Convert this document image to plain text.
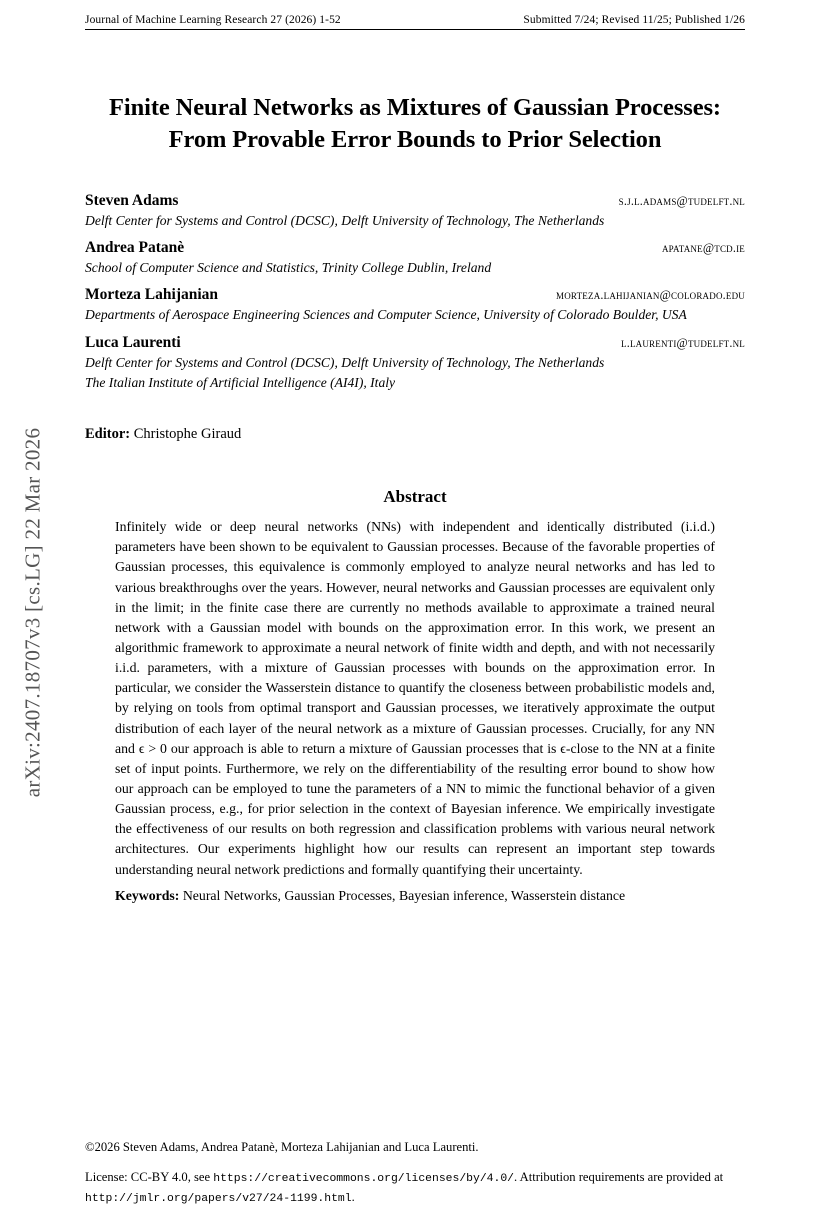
arXiv:2407.18707v3 [cs.LG] 22 Mar 2026
Journal of Machine Learning Research 27 (2026) 1-52	Submitted 7/24; Revised 11/25; Published 1/26
Finite Neural Networks as Mixtures of Gaussian Processes: From Provable Error Bounds to Prior Selection
Steven Adams	s.j.l.adams@tudelft.nl
Delft Center for Systems and Control (DCSC), Delft University of Technology, The Netherlands
Andrea Patanè	apatane@tcd.ie
School of Computer Science and Statistics, Trinity College Dublin, Ireland
Morteza Lahijanian	morteza.lahijanian@colorado.edu
Departments of Aerospace Engineering Sciences and Computer Science, University of Colorado Boulder, USA
Luca Laurenti	l.laurenti@tudelft.nl
Delft Center for Systems and Control (DCSC), Delft University of Technology, The Netherlands
The Italian Institute of Artificial Intelligence (AI4I), Italy
Editor: Christophe Giraud
Abstract
Infinitely wide or deep neural networks (NNs) with independent and identically distributed (i.i.d.) parameters have been shown to be equivalent to Gaussian processes. Because of the favorable properties of Gaussian processes, this equivalence is commonly employed to analyze neural networks and has led to various breakthroughs over the years. However, neural networks and Gaussian processes are equivalent only in the limit; in the finite case there are currently no methods available to approximate a trained neural network with a Gaussian model with bounds on the approximation error. In this work, we present an algorithmic framework to approximate a neural network of finite width and depth, and with not necessarily i.i.d. parameters, with a mixture of Gaussian processes with bounds on the approximation error. In particular, we consider the Wasserstein distance to quantify the closeness between probabilistic models and, by relying on tools from optimal transport and Gaussian processes, we iteratively approximate the output distribution of each layer of the neural network as a mixture of Gaussian processes. Crucially, for any NN and ϵ > 0 our approach is able to return a mixture of Gaussian processes that is ϵ-close to the NN at a finite set of input points. Furthermore, we rely on the differentiability of the resulting error bound to show how our approach can be employed to tune the parameters of a NN to mimic the functional behavior of a given Gaussian process, e.g., for prior selection in the context of Bayesian inference. We empirically investigate the effectiveness of our results on both regression and classification problems with various neural network architectures. Our experiments highlight how our results can represent an important step towards understanding neural network predictions and formally quantifying their uncertainty.
Keywords: Neural Networks, Gaussian Processes, Bayesian inference, Wasserstein distance
©2026 Steven Adams, Andrea Patanè, Morteza Lahijanian and Luca Laurenti.
License: CC-BY 4.0, see https://creativecommons.org/licenses/by/4.0/. Attribution requirements are provided at http://jmlr.org/papers/v27/24-1199.html.
